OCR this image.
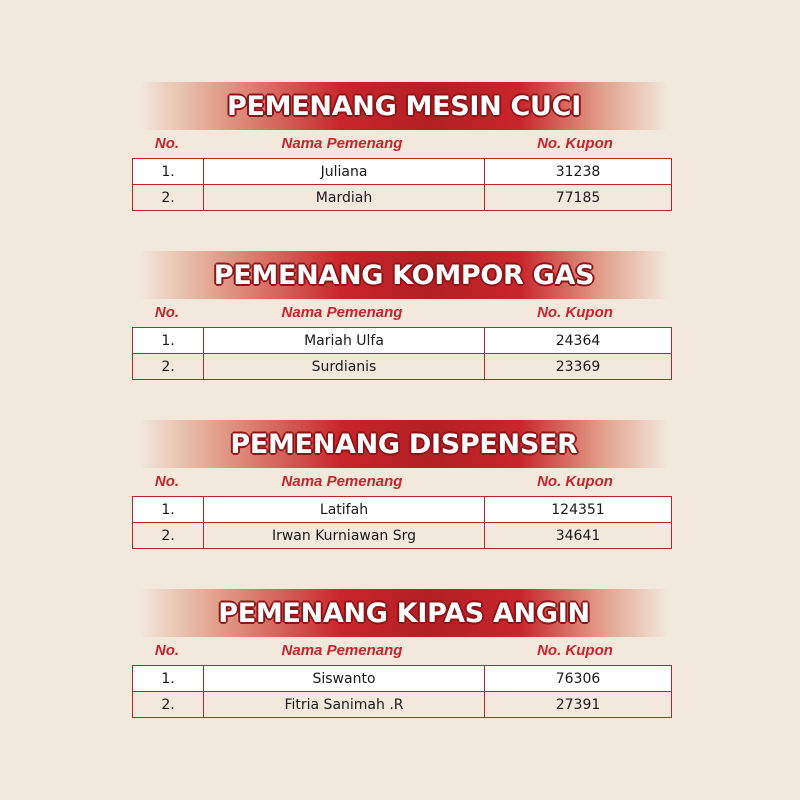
PEMENANG MESIN CUCI
No.	Nama Pemenang	No. Kupon
1.	Juliana	31238
2.	Mardiah	77185
PEMENANG KOMPOR GAS
No.	Nama Pemenang	No. Kupon
1.	Mariah Ulfa	24364
2.	Surdianis	23369
PEMENANG DISPENSER
No.	Nama Pemenang	No. Kupon
1.	Latifah	124351
2.	Irwan Kurniawan Srg	34641
PEMENANG KIPAS ANGIN
No.	Nama Pemenang	No. Kupon
1.	Siswanto	76306
2.	Fitria Sanimah .R	27391
